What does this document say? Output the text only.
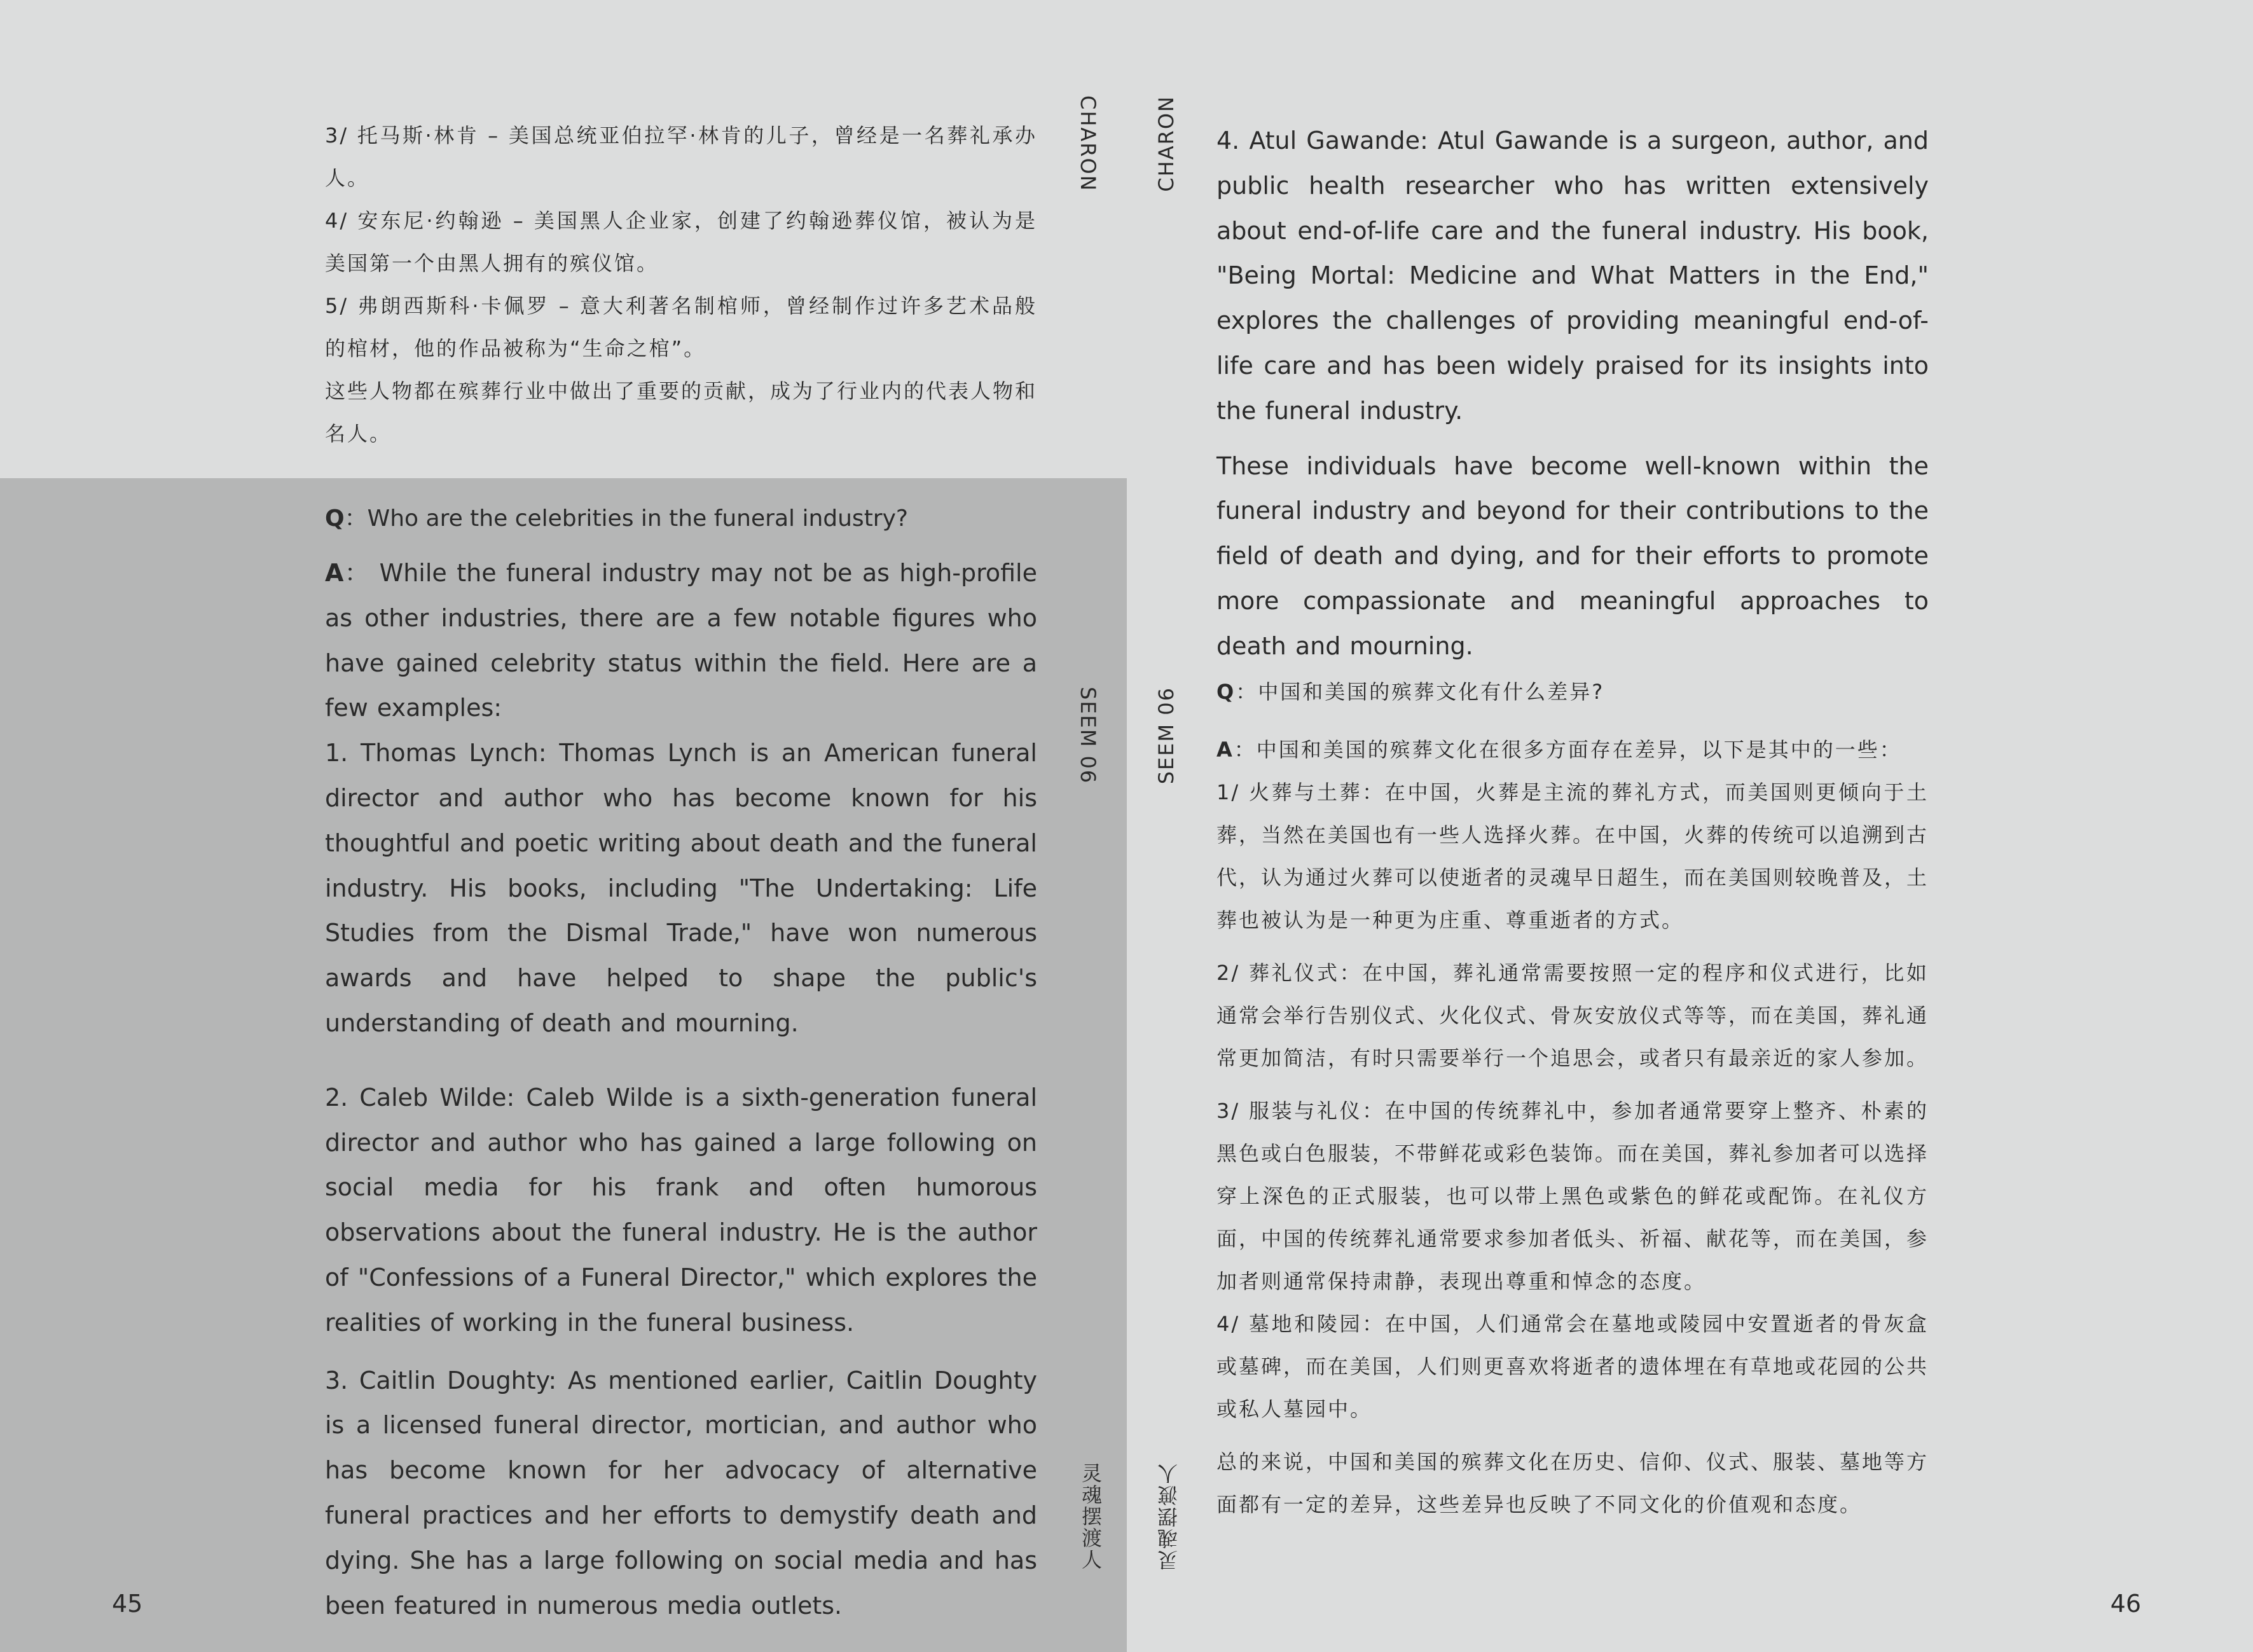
3/ 托马斯·林肯 – 美国总统亚伯拉罕·林肯的儿子，曾经是一名葬礼承办人。

4/ 安东尼·约翰逊 – 美国黑人企业家，创建了约翰逊葬仪馆，被认为是美国第一个由黑人拥有的殡仪馆。

5/ 弗朗西斯科·卡佩罗 – 意大利著名制棺师，曾经制作过许多艺术品般的棺材，他的作品被称为“生命之棺”。

这些人物都在殡葬行业中做出了重要的贡献，成为了行业内的代表人物和名人。

Q：Who are the celebrities in the funeral industry?

A： While the funeral industry may not be as high-profile as other industries, there are a few notable figures who have gained celebrity status within the field. Here are a few examples:

1. Thomas Lynch: Thomas Lynch is an American funeral director and author who has become known for his thoughtful and poetic writing about death and the funeral industry. His books, including "The Undertaking: Life Studies from the Dismal Trade," have won numerous awards and have helped to shape the public's understanding of death and mourning.

2. Caleb Wilde: Caleb Wilde is a sixth-generation funeral director and author who has gained a large following on social media for his frank and often humorous observations about the funeral industry. He is the author of "Confessions of a Funeral Director," which explores the realities of working in the funeral business.

3. Caitlin Doughty: As mentioned earlier, Caitlin Doughty is a licensed funeral director, mortician, and author who has become known for her advocacy of alternative funeral practices and her efforts to demystify death and dying. She has a large following on social media and has been featured in numerous media outlets.

CHARON
SEEM 06
灵魂摆渡人
45
CHARON
SEEM 06
灵魂摆渡人
46

4. Atul Gawande: Atul Gawande is a surgeon, author, and public health researcher who has written extensively about end-of-life care and the funeral industry. His book, "Being Mortal: Medicine and What Matters in the End," explores the challenges of providing meaningful end-of-life care and has been widely praised for its insights into the funeral industry.

These individuals have become well-known within the funeral industry and beyond for their contributions to the field of death and dying, and for their efforts to promote more compassionate and meaningful approaches to death and mourning.

Q：中国和美国的殡葬文化有什么差异?

A：中国和美国的殡葬文化在很多方面存在差异，以下是其中的一些：

1/ 火葬与土葬：在中国，火葬是主流的葬礼方式，而美国则更倾向于土葬，当然在美国也有一些人选择火葬。在中国，火葬的传统可以追溯到古代，认为通过火葬可以使逝者的灵魂早日超生，而在美国则较晚普及，土葬也被认为是一种更为庄重、尊重逝者的方式。

2/ 葬礼仪式：在中国，葬礼通常需要按照一定的程序和仪式进行，比如通常会举行告别仪式、火化仪式、骨灰安放仪式等等，而在美国，葬礼通常更加简洁，有时只需要举行一个追思会，或者只有最亲近的家人参加。

3/ 服装与礼仪：在中国的传统葬礼中，参加者通常要穿上整齐、朴素的黑色或白色服装，不带鲜花或彩色装饰。而在美国，葬礼参加者可以选择穿上深色的正式服装，也可以带上黑色或紫色的鲜花或配饰。在礼仪方面，中国的传统葬礼通常要求参加者低头、祈福、献花等，而在美国，参加者则通常保持肃静，表现出尊重和悼念的态度。

4/ 墓地和陵园：在中国，人们通常会在墓地或陵园中安置逝者的骨灰盒或墓碑，而在美国，人们则更喜欢将逝者的遗体埋在有草地或花园的公共或私人墓园中。

总的来说，中国和美国的殡葬文化在历史、信仰、仪式、服装、墓地等方面都有一定的差异，这些差异也反映了不同文化的价值观和态度。
